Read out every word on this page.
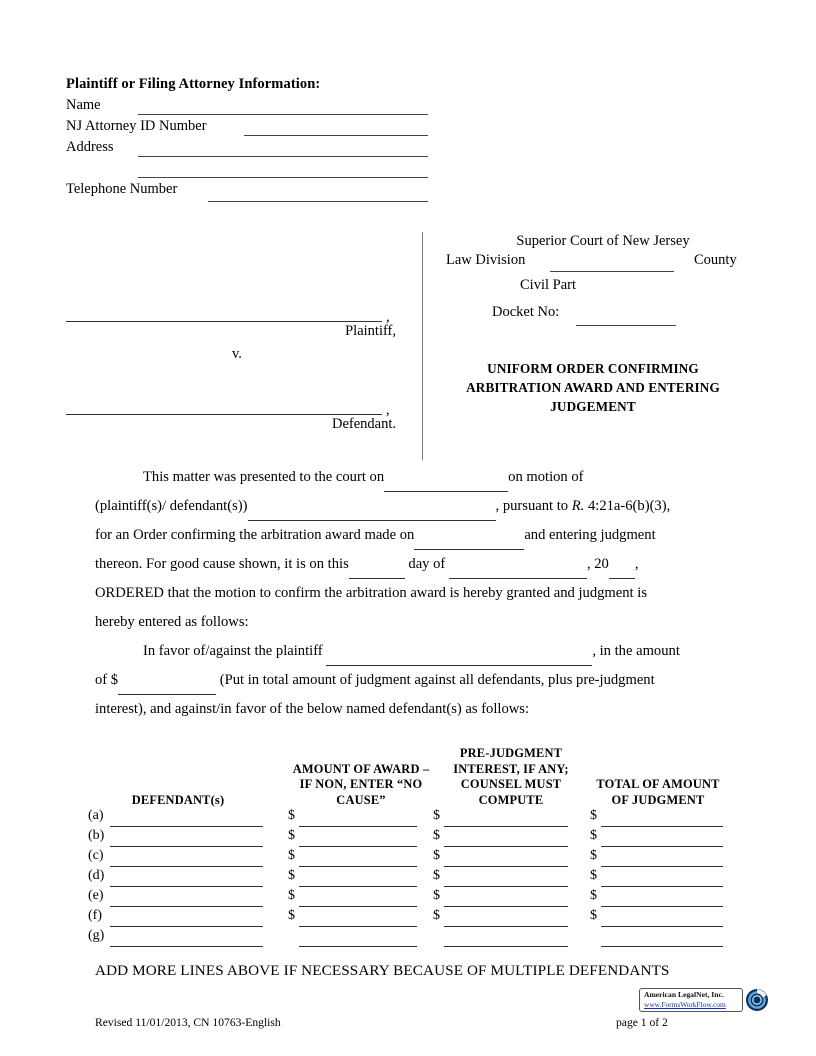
Plaintiff or Filing Attorney Information:
Name
NJ Attorney ID Number
Address
Telephone Number
Superior Court of New Jersey
Law Division	County
Civil Part
Docket No:
UNIFORM ORDER CONFIRMING ARBITRATION AWARD AND ENTERING JUDGEMENT
,
Plaintiff,
v.
,
Defendant.

This matter was presented to the court on	on motion of

(plaintiff(s)/ defendant(s))	, pursuant to R. 4:21a-6(b)(3),

for an Order confirming the arbitration award made on	and entering judgment

thereon. For good cause shown, it is on this	day of	, 20 ,

ORDERED that the motion to confirm the arbitration award is hereby granted and judgment is

hereby entered as follows:

In favor of/against the plaintiff	, in the amount

of $	(Put in total amount of judgment against all defendants, plus pre-judgment

interest), and against/in favor of the below named defendant(s) as follows:

DEFENDANT(s)
AMOUNT OF AWARD – IF NON, ENTER “NO CAUSE”
PRE-JUDGMENT INTEREST, IF ANY; COUNSEL MUST COMPUTE
TOTAL OF AMOUNT OF JUDGMENT
(a)	$	$	$
(b)	$	$	$
(c)	$	$	$
(d)	$	$	$
(e)	$	$	$
(f)	$	$	$
(g)
ADD MORE LINES ABOVE IF NECESSARY BECAUSE OF MULTIPLE DEFENDANTS
American LegalNet, Inc.
www.FormsWorkFlow.com
Revised 11/01/2013, CN 10763-English	page 1 of 2
